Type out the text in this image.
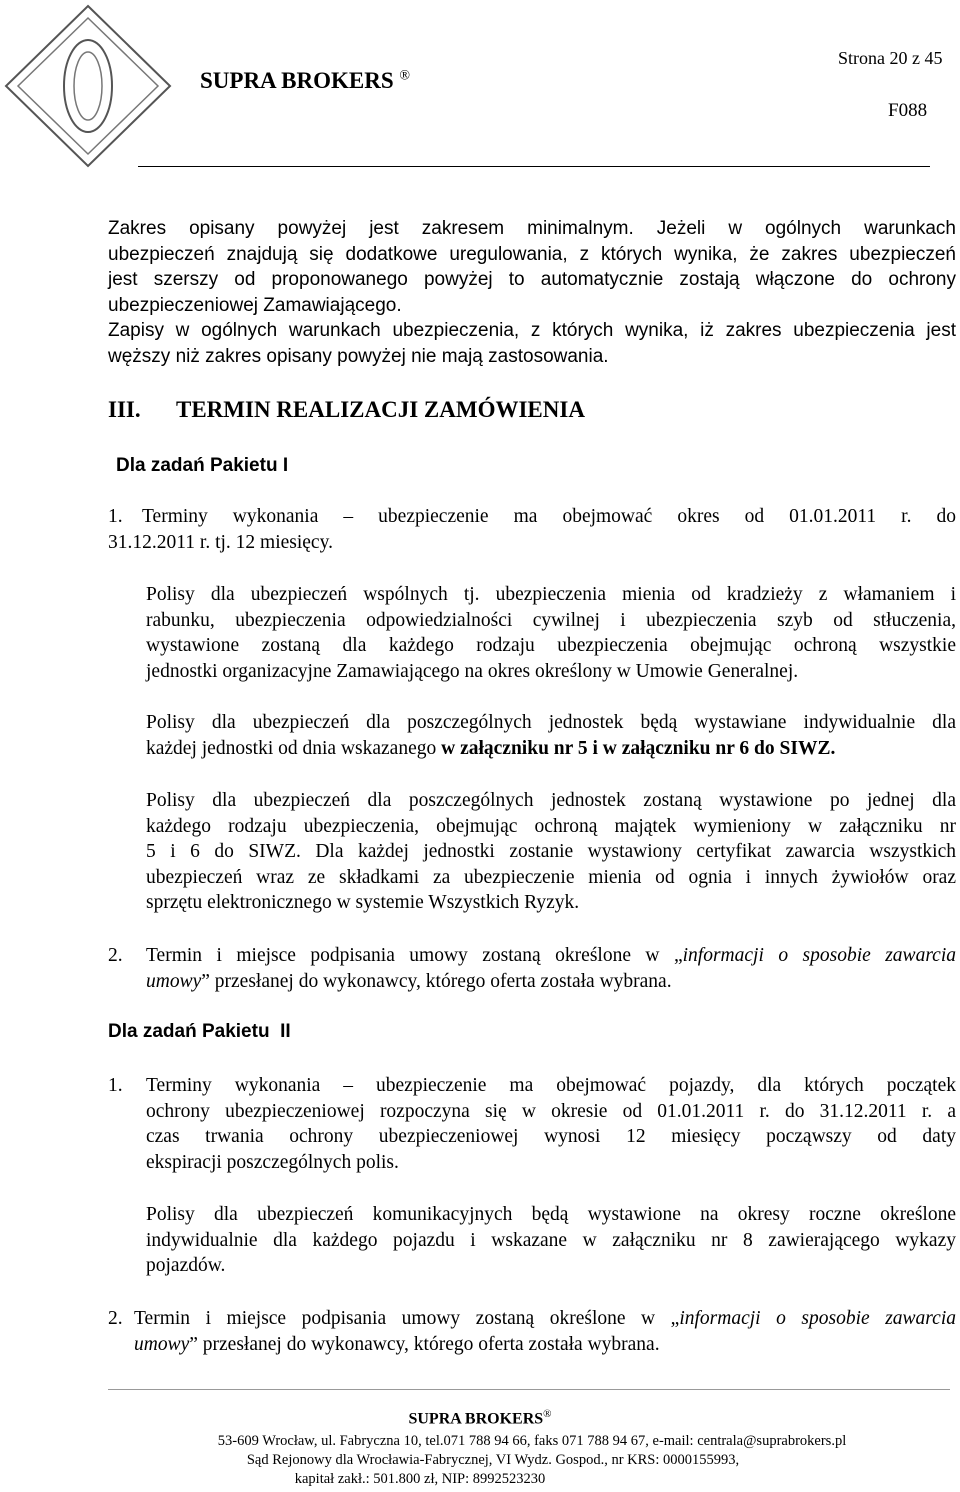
Strona 20 z 45
SUPRA BROKERS ®
F088
Zakres opisany powyżej jest zakresem minimalnym. Jeżeli w ogólnych warunkach
ubezpieczeń znajdują się dodatkowe uregulowania, z których wynika, że zakres ubezpieczeń
jest szerszy od proponowanego powyżej to automatycznie zostają włączone do ochrony
ubezpieczeniowej Zamawiającego.
Zapisy w ogólnych warunkach ubezpieczenia, z których wynika, iż zakres ubezpieczenia jest
węższy niż zakres opisany powyżej nie mają zastosowania.
III. TERMIN REALIZACJI ZAMÓWIENIA
Dla zadań Pakietu I
1. Terminy wykonania – ubezpieczenie ma obejmować okres od 01.01.2011 r. do
31.12.2011 r. tj. 12 miesięcy.
Polisy dla ubezpieczeń wspólnych tj. ubezpieczenia mienia od kradzieży z włamaniem i
rabunku, ubezpieczenia odpowiedzialności cywilnej i ubezpieczenia szyb od stłuczenia,
wystawione zostaną dla każdego rodzaju ubezpieczenia obejmując ochroną wszystkie
jednostki organizacyjne Zamawiającego na okres określony w Umowie Generalnej.
Polisy dla ubezpieczeń dla poszczególnych jednostek będą wystawiane indywidualnie dla
każdej jednostki od dnia wskazanego w załączniku nr 5 i w załączniku nr 6 do SIWZ.
Polisy dla ubezpieczeń dla poszczególnych jednostek zostaną wystawione po jednej dla
każdego rodzaju ubezpieczenia, obejmując ochroną majątek wymieniony w załączniku nr
5 i 6 do SIWZ. Dla każdej jednostki zostanie wystawiony certyfikat zawarcia wszystkich
ubezpieczeń wraz ze składkami za ubezpieczenie mienia od ognia i innych żywiołów oraz
sprzętu elektronicznego w systemie Wszystkich Ryzyk.
2. Termin i miejsce podpisania umowy zostaną określone w „informacji o sposobie zawarcia
umowy” przesłanej do wykonawcy, którego oferta została wybrana.
Dla zadań Pakietu  II
1. Terminy wykonania – ubezpieczenie ma obejmować pojazdy, dla których początek
ochrony ubezpieczeniowej rozpoczyna się w okresie od 01.01.2011 r. do 31.12.2011 r. a
czas trwania ochrony ubezpieczeniowej wynosi 12 miesięcy począwszy od daty
ekspiracji poszczególnych polis.
Polisy dla ubezpieczeń komunikacyjnych będą wystawione na okresy roczne określone
indywidualnie dla każdego pojazdu i wskazane w załączniku nr 8 zawierającego wykazy
pojazdów.
2. Termin i miejsce podpisania umowy zostaną określone w „informacji o sposobie zawarcia
umowy” przesłanej do wykonawcy, którego oferta została wybrana.
SUPRA BROKERS®
53-609 Wrocław, ul. Fabryczna 10, tel.071 788 94 66, faks 071 788 94 67, e-mail: centrala@suprabrokers.pl
Sąd Rejonowy dla Wrocławia-Fabrycznej, VI Wydz. Gospod., nr KRS: 0000155993,
kapitał zakł.: 501.800 zł, NIP: 8992523230
